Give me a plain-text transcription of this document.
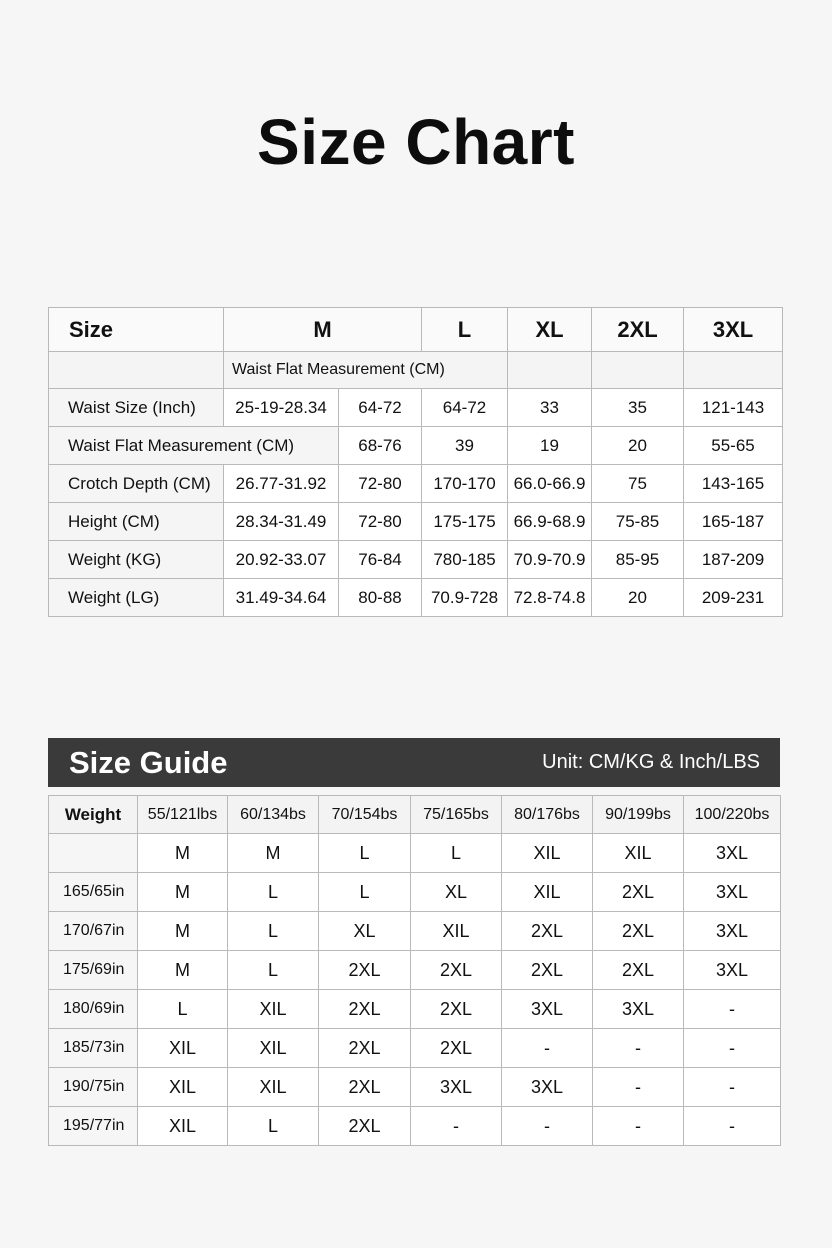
Size Chart
Size	M		L	XL	2XL	3XL
	Waist Flat Measurement (CM)					
Waist Size (Inch)	25-19-28.34	64-72	64-72	33	35	121-143
Waist Flat Measurement (CM)		68-76	39	19	20	55-65
Crotch Depth (CM)	26.77-31.92	72-80	170-170	66.0-66.9	75	143-165
Height (CM)	28.34-31.49	72-80	175-175	66.9-68.9	75-85	165-187
Weight (KG)	20.92-33.07	76-84	780-185	70.9-70.9	85-95	187-209
Weight (LG)	31.49-34.64	80-88	70.9-728	72.8-74.8	20	209-231
Size Guide	Unit: CM/KG & Inch/LBS
Weight	55/121lbs	60/134bs	70/154bs	75/165bs	80/176bs	90/199bs	100/220bs
	M	M	L	L	XIL	XIL	3XL
165/65in	M	L	L	XL	XIL	2XL	3XL
170/67in	M	L	XL	XIL	2XL	2XL	3XL
175/69in	M	L	2XL	2XL	2XL	2XL	3XL
180/69in	L	XIL	2XL	2XL	3XL	3XL	-
185/73in	XIL	XIL	2XL	2XL	-	-	-
190/75in	XIL	XIL	2XL	3XL	3XL	-	-
195/77in	XIL	L	2XL	-	-	-	-
